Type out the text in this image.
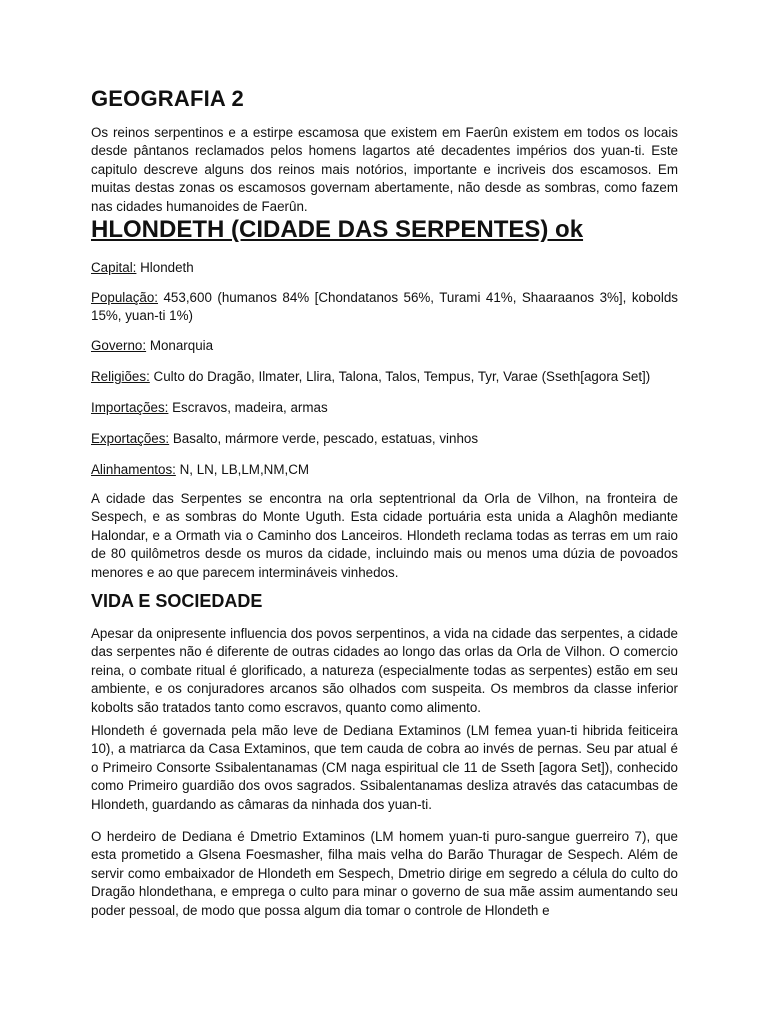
GEOGRAFIA 2

Os reinos serpentinos e a estirpe escamosa que existem em Faerûn existem em todos os locais desde pântanos reclamados pelos homens lagartos até decadentes impérios dos yuan-ti. Este capitulo descreve alguns dos reinos mais notórios, importante e incriveis dos escamosos. Em muitas destas zonas os escamosos governam abertamente, não desde as sombras, como fazem nas cidades humanoides de Faerûn.

HLONDETH (CIDADE DAS SERPENTES) ok

Capital: Hlondeth

População: 453,600 (humanos 84% [Chondatanos 56%, Turami 41%, Shaaraanos 3%], kobolds 15%, yuan-ti 1%)

Governo: Monarquia

Religiões: Culto do Dragão, Ilmater, Llira, Talona, Talos, Tempus, Tyr, Varae (Sseth[agora Set])

Importações: Escravos, madeira, armas

Exportações: Basalto, mármore verde, pescado, estatuas, vinhos

Alinhamentos: N, LN, LB,LM,NM,CM

A cidade das Serpentes se encontra na orla septentrional da Orla de Vilhon, na fronteira de Sespech, e as sombras do Monte Uguth. Esta cidade portuária esta unida a Alaghôn mediante Halondar, e a Ormath via o Caminho dos Lanceiros. Hlondeth reclama todas as terras em um raio de 80 quilômetros desde os muros da cidade, incluindo mais ou menos uma dúzia de povoados menores e ao que parecem intermináveis vinhedos.

VIDA E SOCIEDADE

Apesar da onipresente influencia dos povos serpentinos, a vida na cidade das serpentes, a cidade das serpentes não é diferente de outras cidades ao longo das orlas da Orla de Vilhon. O comercio reina, o combate ritual é glorificado, a natureza (especialmente todas as serpentes) estão em seu ambiente, e os conjuradores arcanos são olhados com suspeita. Os membros da classe inferior kobolts são tratados tanto como escravos, quanto como alimento.

Hlondeth é governada pela mão leve de Dediana Extaminos (LM femea yuan-ti hibrida feiticeira 10), a matriarca da Casa Extaminos, que tem cauda de cobra ao invés de pernas. Seu par atual é o Primeiro Consorte Ssibalentanamas (CM naga espiritual cle 11 de Sseth [agora Set]), conhecido como Primeiro guardião dos ovos sagrados. Ssibalentanamas desliza através das catacumbas de Hlondeth, guardando as câmaras da ninhada dos yuan-ti.

O herdeiro de Dediana é Dmetrio Extaminos (LM homem yuan-ti puro-sangue guerreiro 7), que esta prometido a Glsena Foesmasher, filha mais velha do Barão Thuragar de Sespech. Além de servir como embaixador de Hlondeth em Sespech, Dmetrio dirige em segredo a célula do culto do Dragão hlondethana, e emprega o culto para minar o governo de sua mãe assim aumentando seu poder pessoal, de modo que possa algum dia tomar o controle de Hlondeth e
